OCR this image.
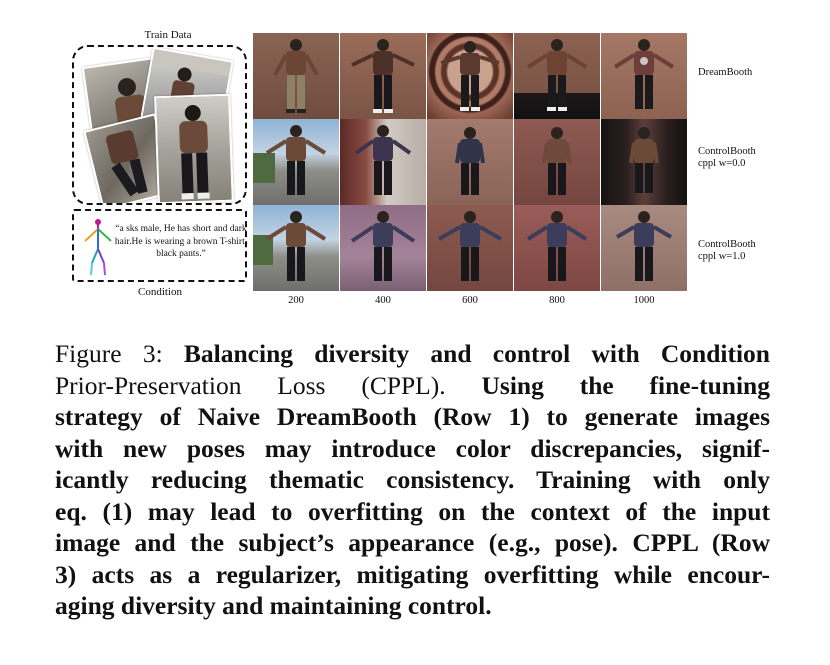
Train Data
“a sks male, He has short and dark hair.He is wearing a brown T-shirt, black pants.”
Condition
DreamBooth
ControlBooth
cppl w=0.0
ControlBooth
cppl w=1.0
200	400	600	800	1000
Figure 3: Balancing diversity and control with Condition
Prior-Preservation Loss (CPPL). Using the fine-tuning
strategy of Naive DreamBooth (Row 1) to generate images
with new poses may introduce color discrepancies, signif-
icantly reducing thematic consistency. Training with only
eq. (1) may lead to overfitting on the context of the input
image and the subject’s appearance (e.g., pose). CPPL (Row
3) acts as a regularizer, mitigating overfitting while encour-
aging diversity and maintaining control.
